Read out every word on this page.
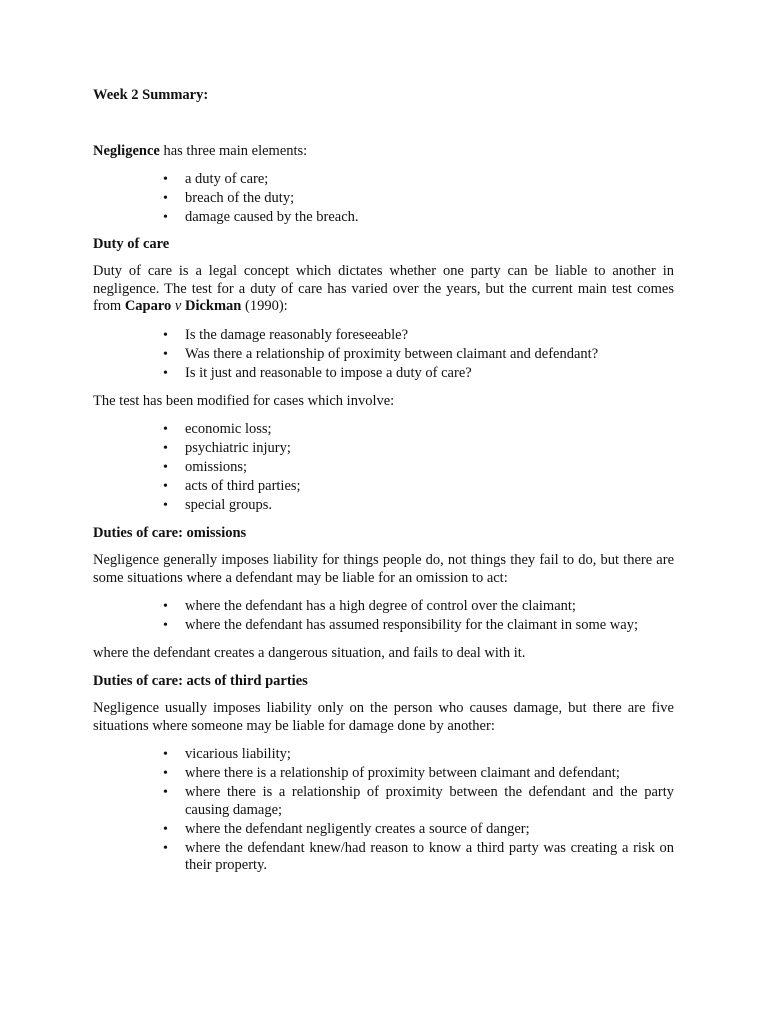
Week 2 Summary:

Negligence has three main elements:

• a duty of care;
• breach of the duty;
• damage caused by the breach.

Duty of care

Duty of care is a legal concept which dictates whether one party can be liable to another in negligence. The test for a duty of care has varied over the years, but the current main test comes from Caparo v Dickman (1990):

• Is the damage reasonably foreseeable?
• Was there a relationship of proximity between claimant and defendant?
• Is it just and reasonable to impose a duty of care?

The test has been modified for cases which involve:

• economic loss;
• psychiatric injury;
• omissions;
• acts of third parties;
• special groups.

Duties of care: omissions

Negligence generally imposes liability for things people do, not things they fail to do, but there are some situations where a defendant may be liable for an omission to act:

• where the defendant has a high degree of control over the claimant;
• where the defendant has assumed responsibility for the claimant in some way;

where the defendant creates a dangerous situation, and fails to deal with it.

Duties of care: acts of third parties

Negligence usually imposes liability only on the person who causes damage, but there are five situations where someone may be liable for damage done by another:

• vicarious liability;
• where there is a relationship of proximity between claimant and defendant;
• where there is a relationship of proximity between the defendant and the party causing damage;
• where the defendant negligently creates a source of danger;
• where the defendant knew/had reason to know a third party was creating a risk on their property.
